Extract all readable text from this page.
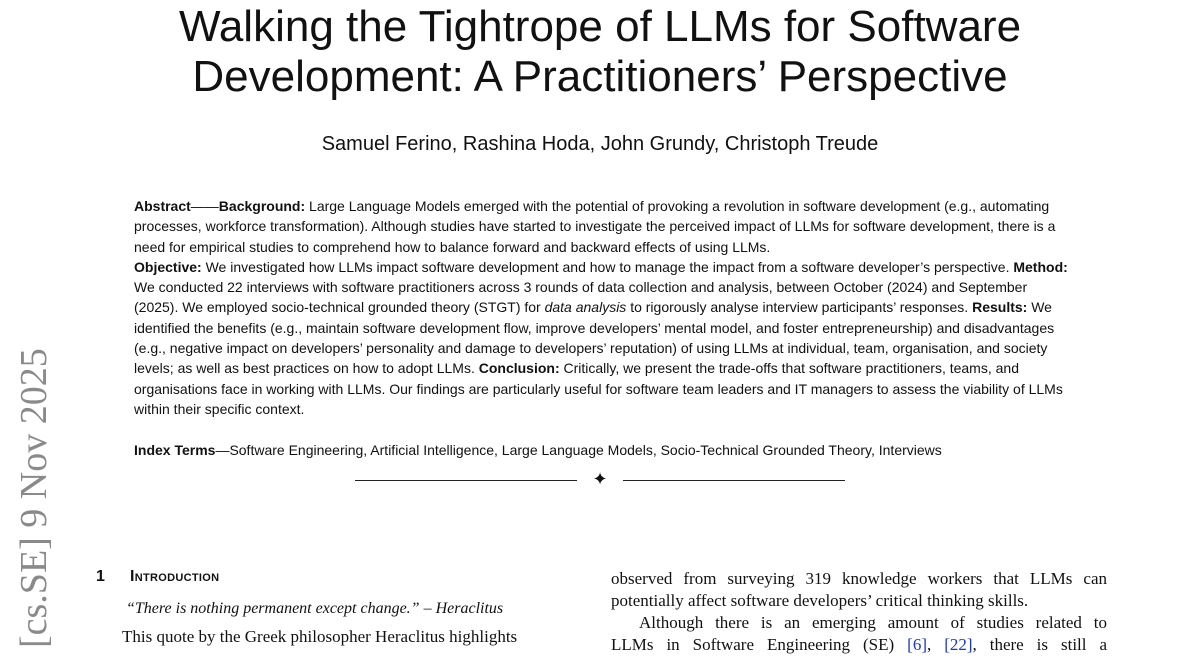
Walking the Tightrope of LLMs for Software
Development: A Practitioners’ Perspective
Samuel Ferino, Rashina Hoda, John Grundy, Christoph Treude
Abstract——Background: Large Language Models emerged with the potential of provoking a revolution in software development (e.g., automating processes, workforce transformation). Although studies have started to investigate the perceived impact of LLMs for software development, there is a need for empirical studies to comprehend how to balance forward and backward effects of using LLMs.
Objective: We investigated how LLMs impact software development and how to manage the impact from a software developer’s perspective. Method: We conducted 22 interviews with software practitioners across 3 rounds of data collection and analysis, between October (2024) and September (2025). We employed socio-technical grounded theory (STGT) for data analysis to rigorously analyse interview participants’ responses. Results: We identified the benefits (e.g., maintain software development flow, improve developers’ mental model, and foster entrepreneurship) and disadvantages (e.g., negative impact on developers’ personality and damage to developers’ reputation) of using LLMs at individual, team, organisation, and society levels; as well as best practices on how to adopt LLMs. Conclusion: Critically, we present the trade-offs that software practitioners, teams, and organisations face in working with LLMs. Our findings are particularly useful for software team leaders and IT managers to assess the viability of LLMs within their specific context.
Index Terms—Software Engineering, Artificial Intelligence, Large Language Models, Socio-Technical Grounded Theory, Interviews
✦
[cs.SE] 9 Nov 2025	1 Introduction
“There is nothing permanent except change.” – Heraclitus
This quote by the Greek philosopher Heraclitus highlights
observed from surveying 319 knowledge workers that LLMs can
potentially affect software developers’ critical thinking skills.
Although there is an emerging amount of studies related to
LLMs in Software Engineering (SE) [6], [22], there is still a
